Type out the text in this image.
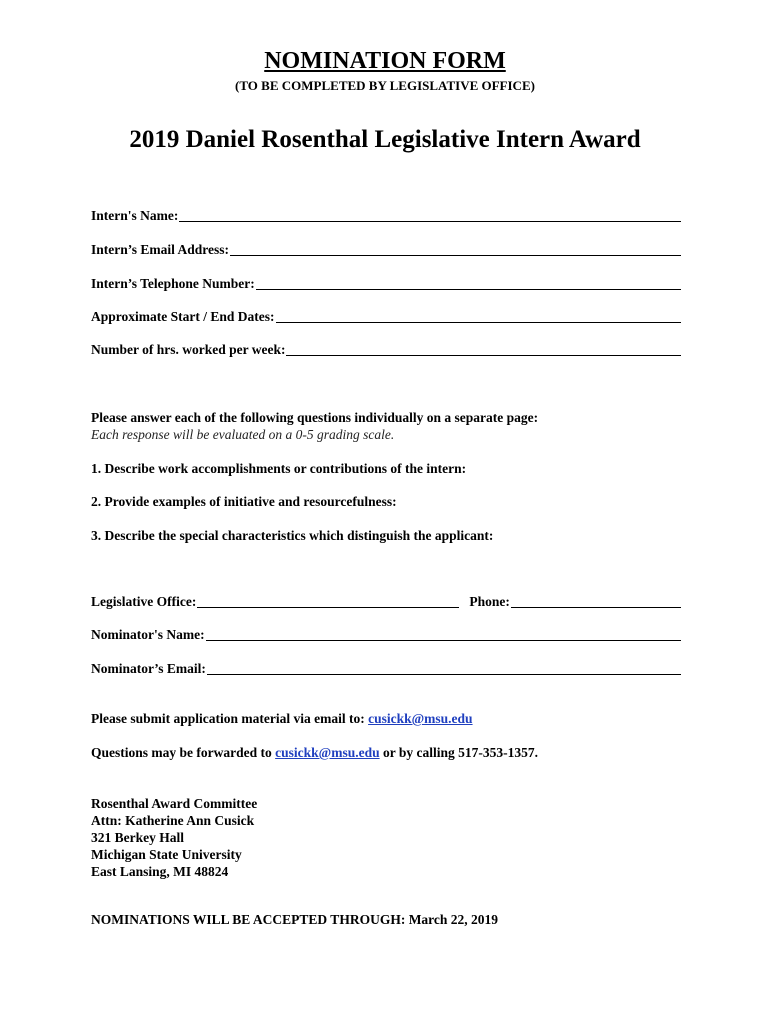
NOMINATION FORM
(TO BE COMPLETED BY LEGISLATIVE OFFICE)
2019 Daniel Rosenthal Legislative Intern Award
Intern's Name:
Intern’s Email Address:
Intern’s Telephone Number:
Approximate Start / End Dates:
Number of hrs. worked per week:
Please answer each of the following questions individually on a separate page:
Each response will be evaluated on a 0-5 grading scale.
1. Describe work accomplishments or contributions of the intern:
2. Provide examples of initiative and resourcefulness:
3. Describe the special characteristics which distinguish the applicant:
Legislative Office:	Phone:
Nominator's Name:
Nominator’s Email:
Please submit application material via email to: cusickk@msu.edu
Questions may be forwarded to cusickk@msu.edu or by calling 517-353-1357.
Rosenthal Award Committee
Attn: Katherine Ann Cusick
321 Berkey Hall
Michigan State University
East Lansing, MI 48824
NOMINATIONS WILL BE ACCEPTED THROUGH: March 22, 2019
